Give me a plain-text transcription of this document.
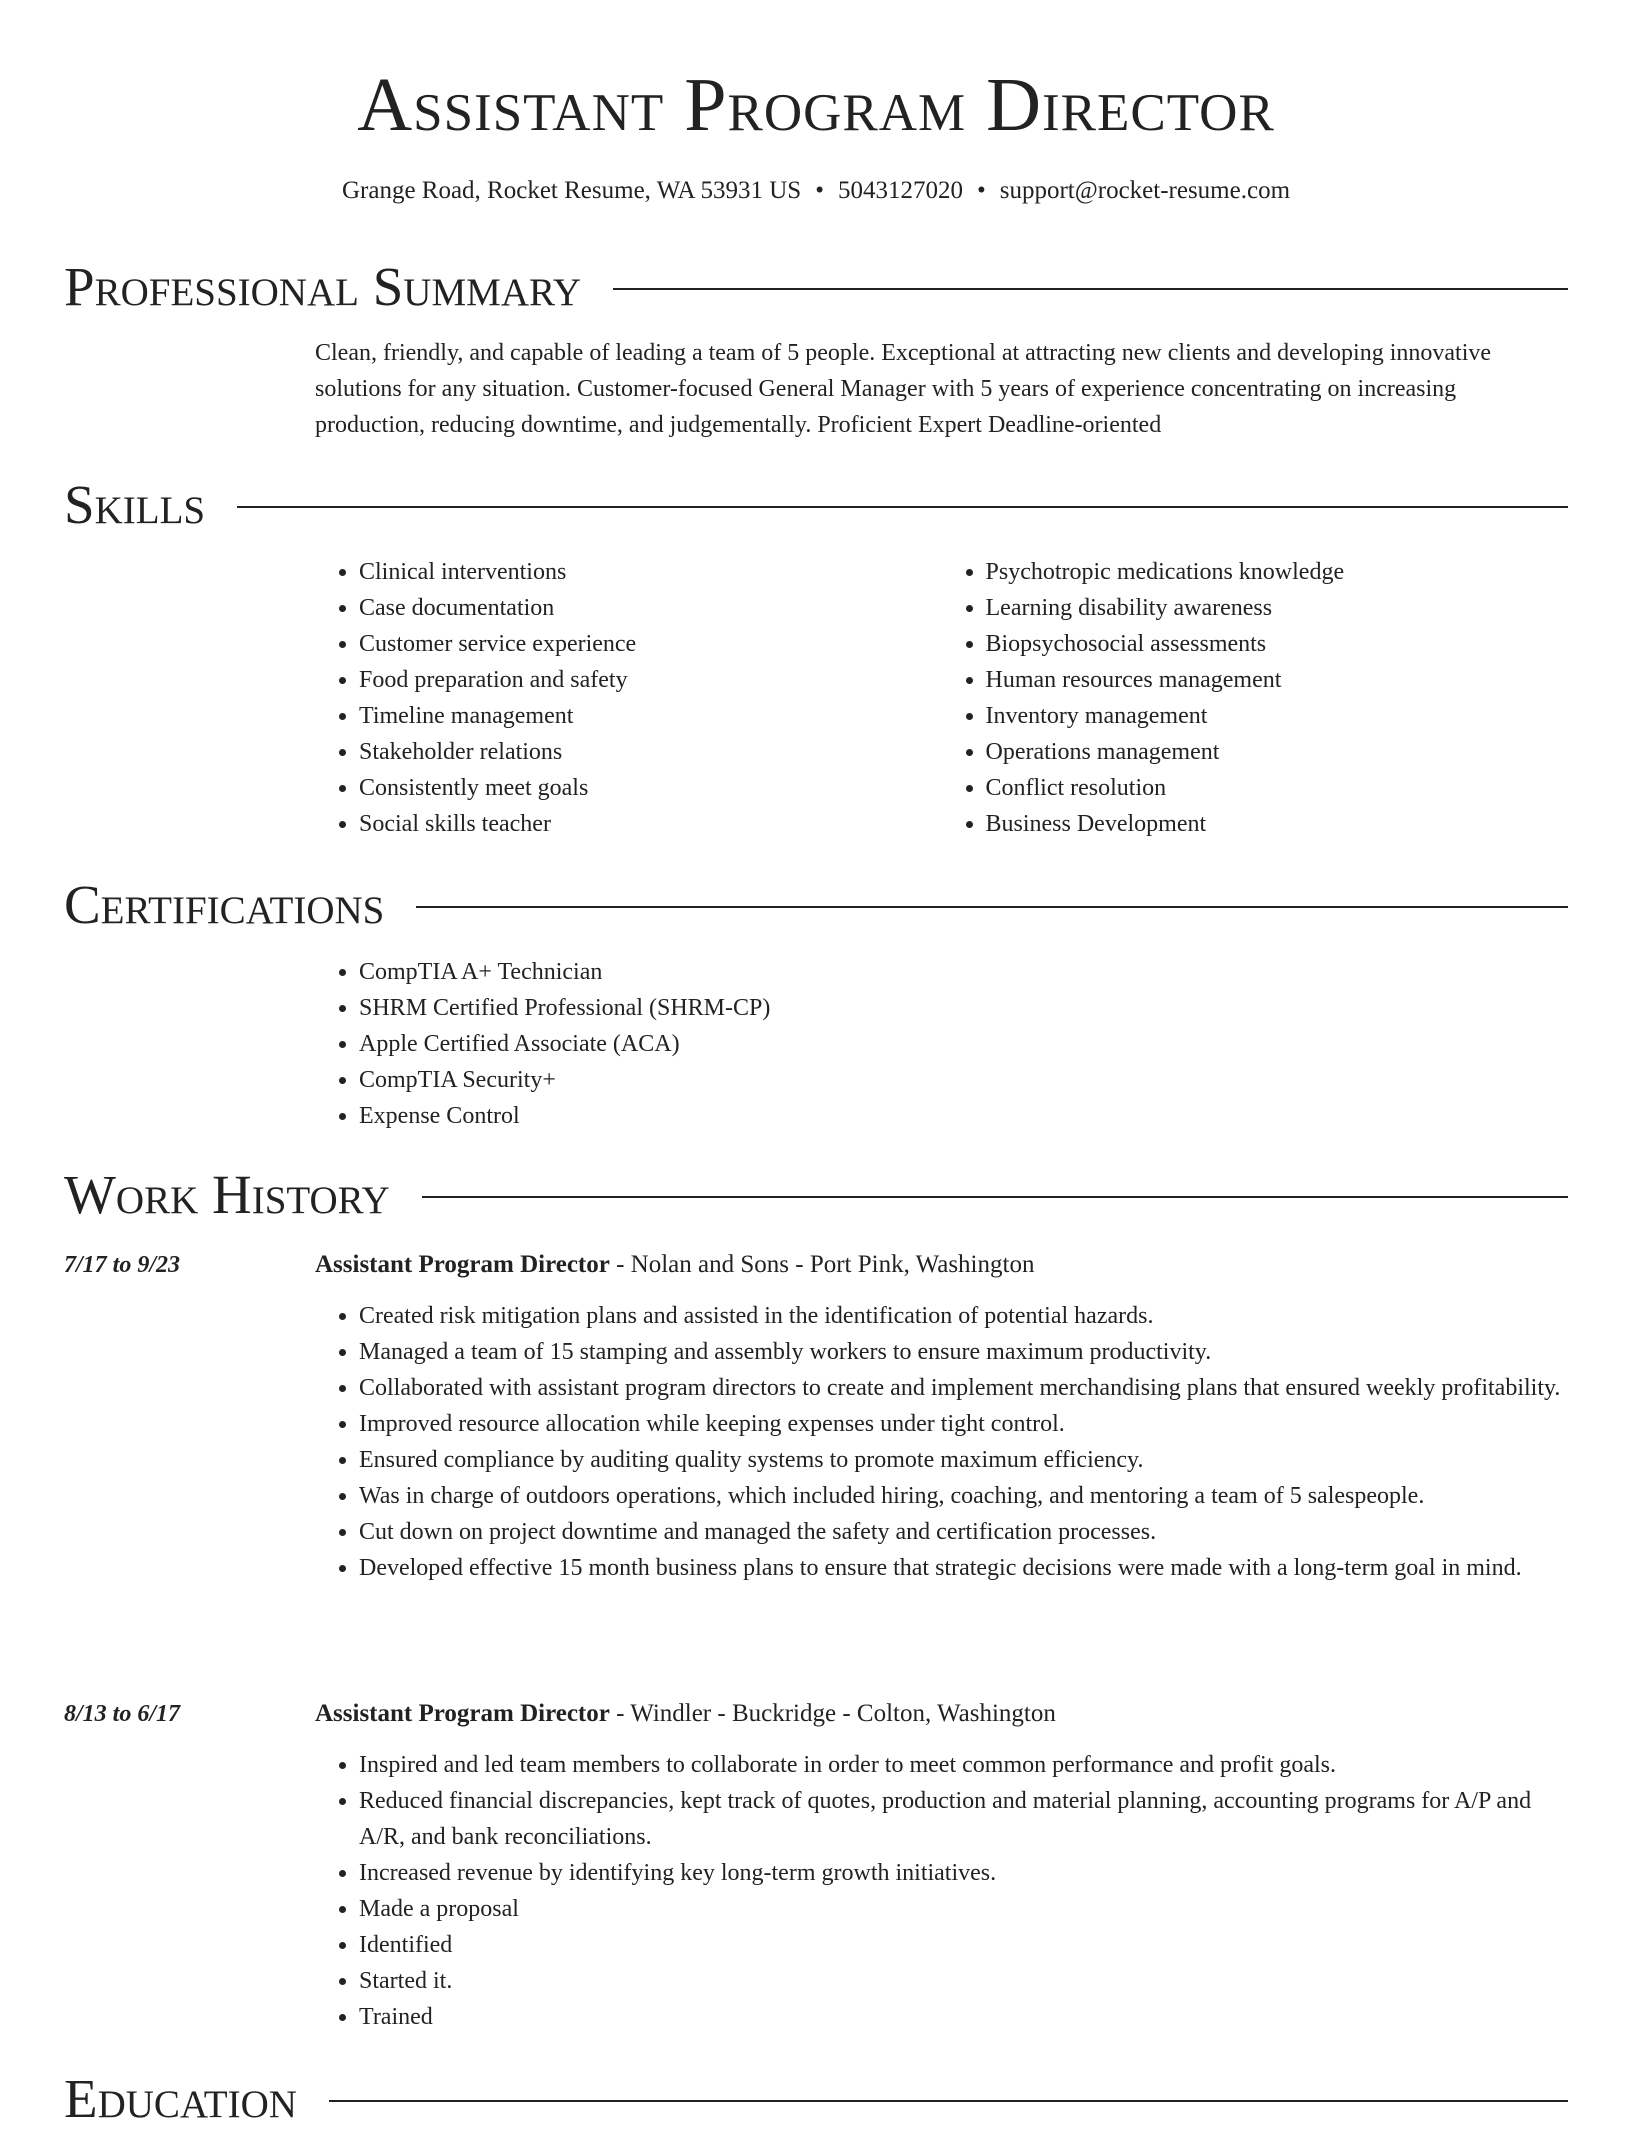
Assistant Program Director
Grange Road, Rocket Resume, WA 53931 US • 5043127020 • support@rocket-resume.com
Professional Summary

Clean, friendly, and capable of leading a team of 5 people. Exceptional at attracting new clients and developing innovative solutions for any situation. Customer-focused General Manager with 5 years of experience concentrating on increasing production, reducing downtime, and judgementally. Proficient Expert Deadline-oriented

Skills
• Clinical interventions
• Case documentation
• Customer service experience
• Food preparation and safety
• Timeline management
• Stakeholder relations
• Consistently meet goals
• Social skills teacher
• Psychotropic medications knowledge
• Learning disability awareness
• Biopsychosocial assessments
• Human resources management
• Inventory management
• Operations management
• Conflict resolution
• Business Development
Certifications
• CompTIA A+ Technician
• SHRM Certified Professional (SHRM-CP)
• Apple Certified Associate (ACA)
• CompTIA Security+
• Expense Control
Work History
7/17 to 9/23	Assistant Program Director - Nolan and Sons - Port Pink, Washington
• Created risk mitigation plans and assisted in the identification of potential hazards.
• Managed a team of 15 stamping and assembly workers to ensure maximum productivity.
• Collaborated with assistant program directors to create and implement merchandising plans that ensured weekly profitability.
• Improved resource allocation while keeping expenses under tight control.
• Ensured compliance by auditing quality systems to promote maximum efficiency.
• Was in charge of outdoors operations, which included hiring, coaching, and mentoring a team of 5 salespeople.
• Cut down on project downtime and managed the safety and certification processes.
• Developed effective 15 month business plans to ensure that strategic decisions were made with a long-term goal in mind.
8/13 to 6/17	Assistant Program Director - Windler - Buckridge - Colton, Washington
• Inspired and led team members to collaborate in order to meet common performance and profit goals.
• Reduced financial discrepancies, kept track of quotes, production and material planning, accounting programs for A/P and A/R, and bank reconciliations.
• Increased revenue by identifying key long-term growth initiatives.
• Made a proposal
• Identified
• Started it.
• Trained
Education
